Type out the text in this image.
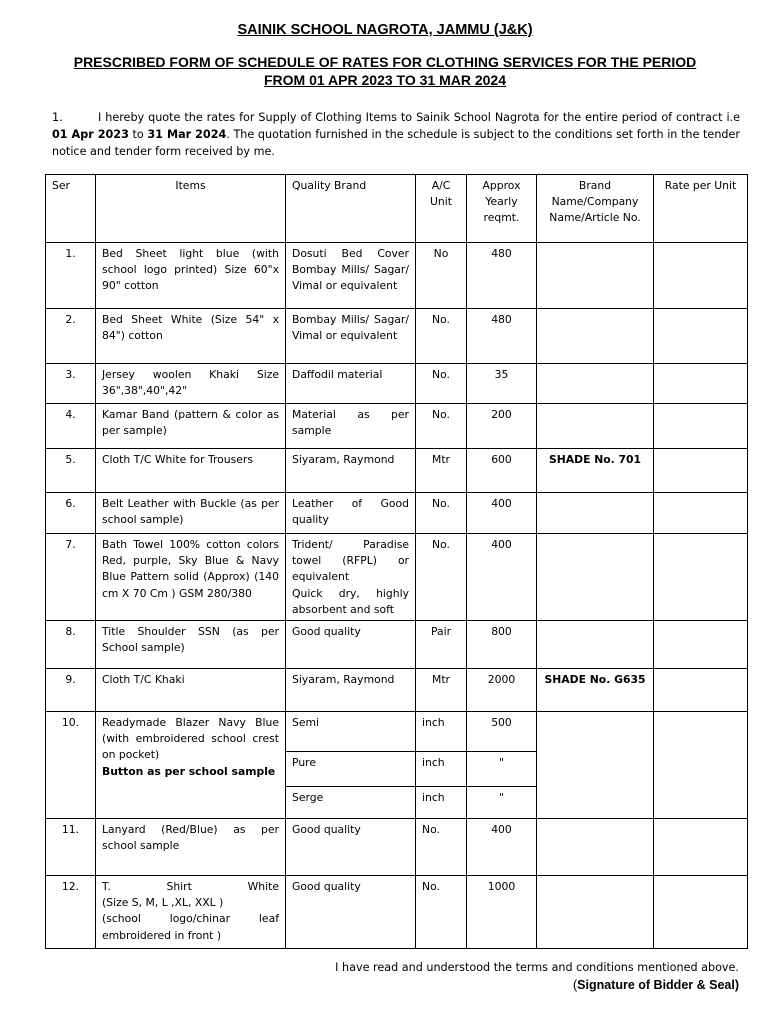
SAINIK SCHOOL NAGROTA, JAMMU (J&K)
PRESCRIBED FORM OF SCHEDULE OF RATES FOR CLOTHING SERVICES FOR THE PERIOD FROM 01 APR 2023 TO 31 MAR 2024
1.	I hereby quote the rates for Supply of Clothing Items to Sainik School Nagrota for the entire period of contract i.e 01 Apr 2023 to 31 Mar 2024. The quotation furnished in the schedule is subject to the conditions set forth in the tender notice and tender form received by me.
Ser	Items	Quality Brand	A/C Unit	Approx Yearly reqmt.	Brand Name/Company Name/Article No.	Rate per Unit
1.	Bed Sheet light blue (with school logo printed) Size 60"x 90" cotton	Dosuti Bed Cover Bombay Mills/ Sagar/ Vimal or equivalent	No	480		
2.	Bed Sheet White (Size 54" x 84") cotton	Bombay Mills/ Sagar/ Vimal or equivalent	No.	480		
3.	Jersey woolen Khaki Size 36",38",40",42"	Daffodil material	No.	35		
4.	Kamar Band (pattern & color as per sample)	Material as per sample	No.	200		
5.	Cloth T/C White for Trousers	Siyaram, Raymond	Mtr	600	SHADE No. 701	
6.	Belt Leather with Buckle (as per school sample)	Leather of Good quality	No.	400		
7.	Bath Towel 100% cotton colors Red, purple, Sky Blue & Navy Blue Pattern solid (Approx) (140 cm X 70 Cm ) GSM 280/380	Trident/ Paradise towel (RFPL) or equivalent
Quick dry, highly absorbent and soft	No.	400		
8.	Title Shoulder SSN (as per School sample)	Good quality	Pair	800		
9.	Cloth T/C Khaki	Siyaram, Raymond	Mtr	2000	SHADE No. G635	
10.	Readymade Blazer Navy Blue (with embroidered school crest on pocket)
Button as per school sample	Semi	inch	500		
		Pure	inch	"		
		Serge	inch	"		
11.	Lanyard (Red/Blue) as per school sample	Good quality	No.	400		
12.	T. Shirt White
(Size S, M, L ,XL, XXL )
(school logo/chinar leaf embroidered in front )	Good quality	No.	1000		
I have read and understood the terms and conditions mentioned above.
(Signature of Bidder & Seal)
